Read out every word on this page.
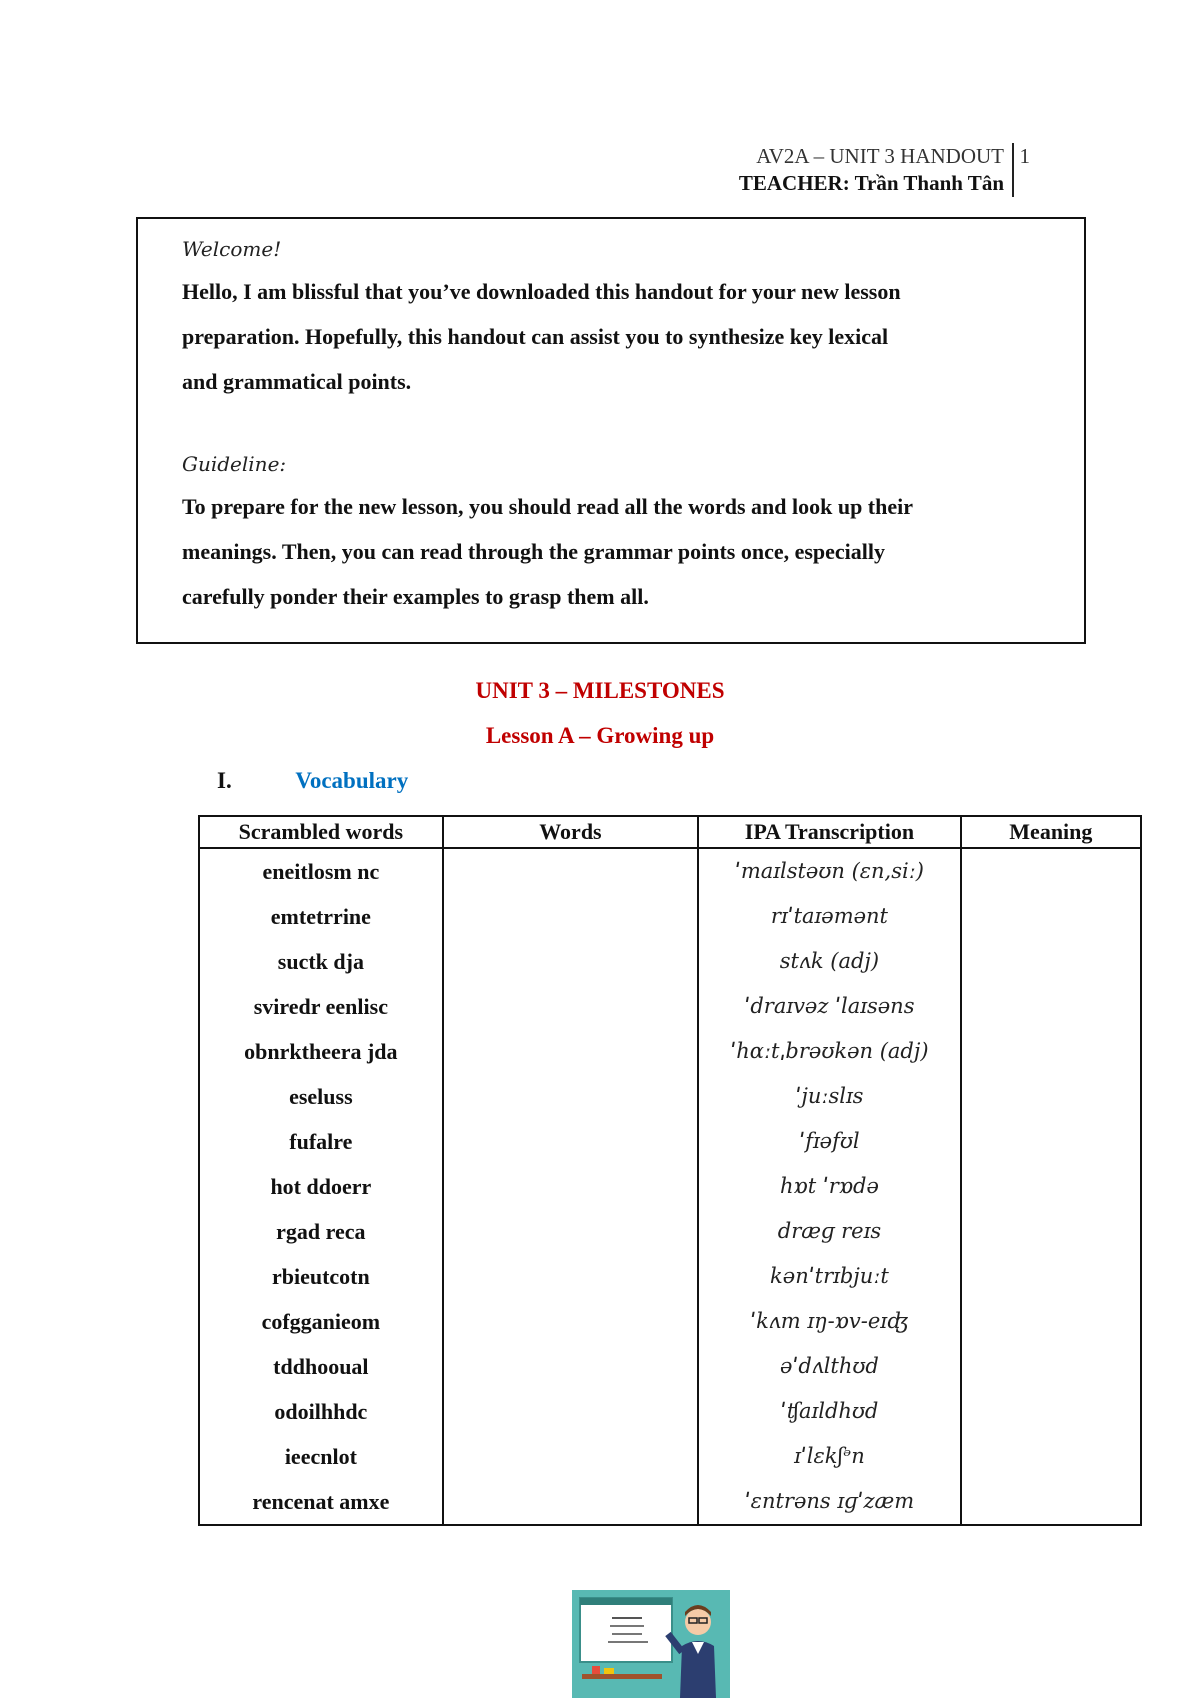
AV2A – UNIT 3 HANDOUT
TEACHER: Trần Thanh Tân
1

Welcome!

Hello, I am blissful that you’ve downloaded this handout for your new lesson

preparation. Hopefully, this handout can assist you to synthesize key lexical

and grammatical points.

Guideline:

To prepare for the new lesson, you should read all the words and look up their

meanings. Then, you can read through the grammar points once, especially

carefully ponder their examples to grasp them all.

UNIT 3 – MILESTONES
Lesson A – Growing up
I.	Vocabulary
Scrambled words	Words	IPA Transcription	Meaning
eneitlosm nc		ˈmaɪlstəʊn (ɛn,siː)	
emtetrrine		rɪˈtaɪəmənt	
suctk dja		stʌk (adj)	
sviredr eenlisc		ˈdraɪvəz ˈlaɪsəns	
obnrktheera jda		ˈhɑːtˌbrəʊkən (adj)	
eseluss		ˈjuːslɪs	
fufalre		ˈfɪəfʊl	
hot ddoerr		hɒt ˈrɒdə	
rgad reca		dræɡ reɪs	
rbieutcotn		kənˈtrɪbjuːt	
cofgganieom		ˈkʌm ɪŋ-ɒv-eɪʤ	
tddhooual		əˈdʌlthʊd	
odoilhhdc		ˈʧaɪldhʊd	
ieecnlot		ɪˈlɛkʃᵊn	
rencenat amxe		ˈɛntrəns ɪɡˈzæm	
